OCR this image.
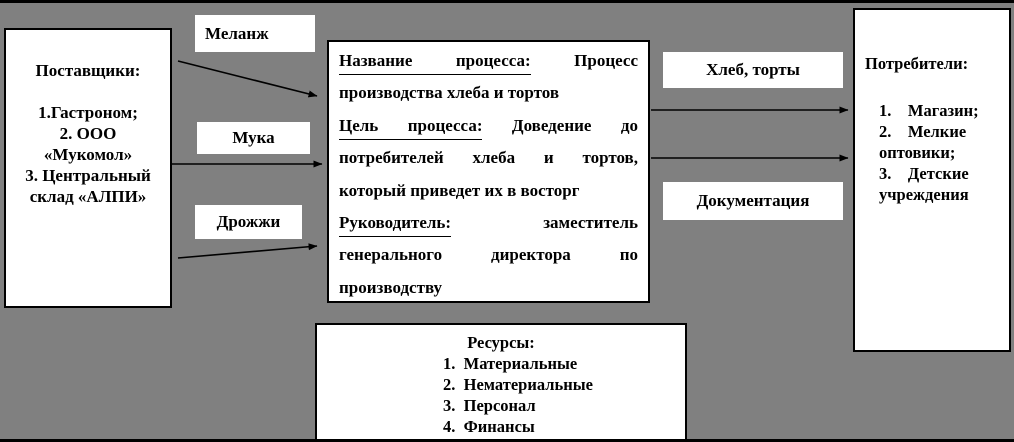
Поставщики:
1.Гастроном;
2. ООО «Мукомол»
3. Центральный склад «АЛПИ»
Меланж
Мука
Дрожжи
Название
	процесса:
	Процесс
производства хлеба и тортов
Цель
процесса:
Доведение
до
потребителей
хлеба
и
тортов,
который приведет их в восторг
Руководитель:
	заместитель
генерального
	директора
	по
производству
Хлеб, торты
Документация
Потребители:
1.    Магазин;
2.    Мелкие оптовики;
3.    Детские учреждения
Ресурсы:
1.  Материальные
2.  Нематериальные
3.  Персонал
4.  Финансы
